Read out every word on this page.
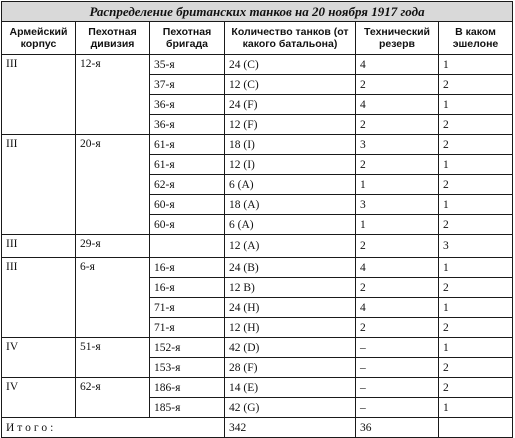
Распределение британских танков на 20 ноября 1917 года					
Армейский корпус	Пехотная дивизия	Пехотная бригада	Количество танков (от какого батальона)	Технический резерв	В каком эшелоне
III	12-я	35-я	24 (C)	4	1
		37-я	12 (C)	2	2
		36-я	24 (F)	4	1
		36-я	12 (F)	2	2
III	20-я	61-я	18 (I)	3	2
		61-я	12 (I)	2	1
		62-я	6 (A)	1	2
		60-я	18 (A)	3	1
		60-я	6 (A)	1	2
III	29-я		12 (A)	2	3
III	6-я	16-я	24 (B)	4	1
		16-я	12 B)	2	2
		71-я	24 (H)	4	1
		71-я	12 (H)	2	2
IV	51-я	152-я	42 (D)	–	1
		153-я	28 (F)	–	2
IV	62-я	186-я	14 (E)	–	2
		185-я	42 (G)	–	1
Итого:			342	36	
